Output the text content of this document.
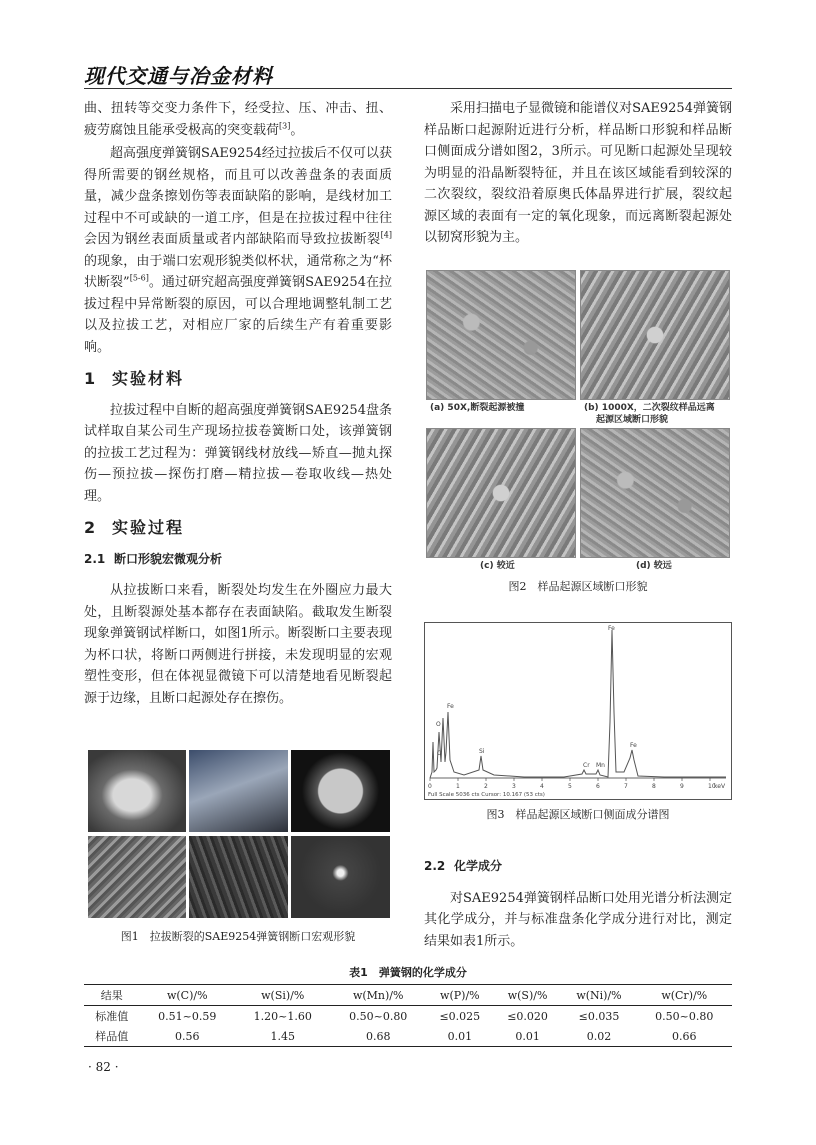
现代交通与冶金材料

曲、扭转等交变力条件下，经受拉、压、冲击、扭、疲劳腐蚀且能承受极高的突变载荷[3]。

超高强度弹簧钢SAE9254经过拉拔后不仅可以获得所需要的钢丝规格，而且可以改善盘条的表面质量，减少盘条擦划伤等表面缺陷的影响，是线材加工过程中不可或缺的一道工序，但是在拉拔过程中往往会因为钢丝表面质量或者内部缺陷而导致拉拔断裂[4]的现象，由于端口宏观形貌类似杯状，通常称之为“杯状断裂”[5-6]。通过研究超高强度弹簧钢SAE9254在拉拔过程中异常断裂的原因，可以合理地调整轧制工艺以及拉拔工艺，对相应厂家的后续生产有着重要影响。

1 实验材料

拉拔过程中自断的超高强度弹簧钢SAE9254盘条试样取自某公司生产现场拉拔卷簧断口处，该弹簧钢的拉拔工艺过程为：弹簧钢线材放线—矫直—抛丸探伤—预拉拔—探伤打磨—精拉拔—卷取收线—热处理。

2 实验过程
2.1 断口形貌宏微观分析

从拉拔断口来看，断裂处均发生在外圈应力最大处，且断裂源处基本都存在表面缺陷。截取发生断裂现象弹簧钢试样断口，如图1所示。断裂断口主要表现为杯口状，将断口两侧进行拼接，未发现明显的宏观塑性变形，但在体视显微镜下可以清楚地看见断裂起源于边缘，且断口起源处存在擦伤。

图1　拉拔断裂的SAE9254弹簧钢断口宏观形貌

采用扫描电子显微镜和能谱仪对SAE9254弹簧钢样品断口起源附近进行分析，样品断口形貌和样品断口侧面成分谱如图2，3所示。可见断口起源处呈现较为明显的沿晶断裂特征，并且在该区域能看到较深的二次裂纹，裂纹沿着原奥氏体晶界进行扩展，裂纹起源区域的表面有一定的氧化现象，而远离断裂起源处以韧窝形貌为主。

(a) 50X,断裂起源被撞	(b) 1000X，二次裂纹样品远离
起源区域断口形貌
(c) 较近	(d) 较远
图2　样品起源区域断口形貌
0	1	2	3	4	5	6	7	8	9	10
C
O
Fe
Si
Cr Mn
Fe
Fe
keV
Full Scale 5036 cts Cursor: 10.167 (53 cts)
图3　样品起源区域断口侧面成分谱图
2.2 化学成分

对SAE9254弹簧钢样品断口处用光谱分析法测定其化学成分，并与标准盘条化学成分进行对比，测定结果如表1所示。

表1　弹簧钢的化学成分
结果	w(C)/%	w(Si)/%	w(Mn)/%	w(P)/%	w(S)/%	w(Ni)/%	w(Cr)/%
标准值	0.51~0.59	1.20~1.60	0.50~0.80	≤0.025	≤0.020	≤0.035	0.50~0.80
样品值	0.56	1.45	0.68	0.01	0.01	0.02	0.66
· 82 ·
